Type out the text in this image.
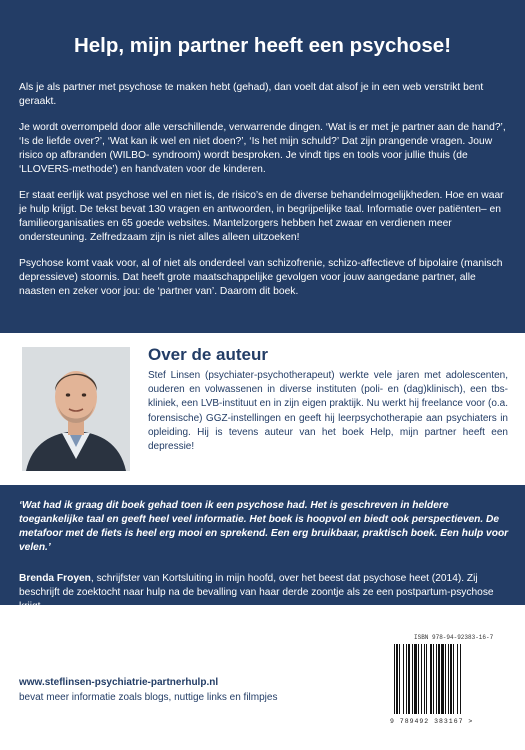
Help, mijn partner heeft een psychose!

Als je als partner met psychose te maken hebt (gehad), dan voelt dat alsof je in een web verstrikt bent geraakt.

Je wordt overrompeld door alle verschillende, verwarrende dingen. ‘Wat is er met je partner aan de hand?’, ‘Is de liefde over?’, ‘Wat kan ik wel en niet doen?’, ‘Is het mijn schuld?’ Dat zijn prangende vragen. Jouw risico op afbranden (WILBO- syndroom) wordt besproken. Je vindt tips en tools voor jullie thuis (de ‘LLOVERS-methode’) en handvaten voor de kinderen.

Er staat eerlijk wat psychose wel en niet is, de risico’s en de diverse behandelmogelijkheden. Hoe en waar je hulp krijgt. De tekst bevat 130 vragen en antwoorden, in begrijpelijke taal. Informatie over patiënten– en familieorganisaties en 65 goede websites. Mantelzorgers hebben het zwaar en verdienen meer ondersteuning. Zelfredzaam zijn is niet alles alleen uitzoeken!

Psychose komt vaak voor, al of niet als onderdeel van schizofrenie, schizo-affectieve of bipolaire (manisch depressieve) stoornis. Dat heeft grote maatschappelijke gevolgen voor jouw aangedane partner, alle naasten en zeker voor jou: de ‘partner van’. Daarom dit boek.

Over de auteur

Stef Linsen (psychiater-psychotherapeut) werkte vele jaren met adolescenten, ouderen en volwassenen in diverse instituten (poli- en (dag)klinisch), een tbs-kliniek, een LVB-instituut en in zijn eigen praktijk. Nu werkt hij freelance voor (o.a. forensische) GGZ-instellingen en geeft hij leerpsychotherapie aan psychiaters in opleiding. Hij is tevens auteur van het boek Help, mijn partner heeft een depressie!

‘Wat had ik graag dit boek gehad toen ik een psychose had. Het is geschreven in heldere toegankelijke taal en geeft heel veel informatie. Het boek is hoopvol en biedt ook perspectieven. De metafoor met de fiets is heel erg mooi en sprekend. Een erg bruikbaar, praktisch boek. Een hulp voor velen.’

Brenda Froyen, schrijfster van Kortsluiting in mijn hoofd, over het beest dat psychose heet (2014). Zij beschrijft de zoektocht naar hulp na de bevalling van haar derde zoontje als ze een postpartum-psychose krijgt.

www.steflinsen-psychiatrie-partnerhulp.nl
bevat meer informatie zoals blogs, nuttige links en filmpjes
ISBN 978-94-92383-16-7
9 789492 383167 >
